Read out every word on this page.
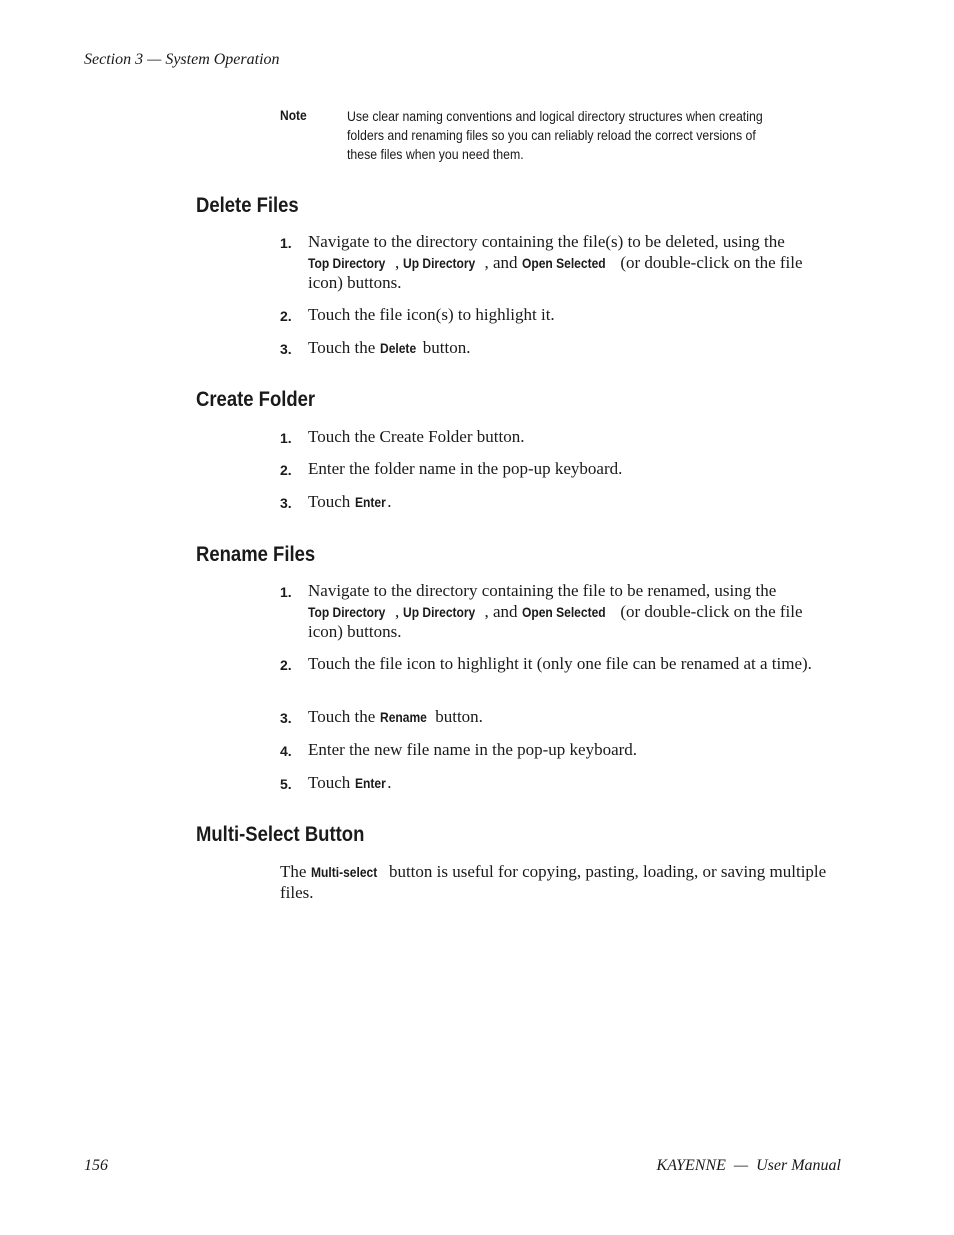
Section 3 — System Operation
Note	Use clear naming conventions and logical directory structures when creating
folders and renaming files so you can reliably reload the correct versions of
these files when you need them.
Delete Files
1. Navigate to the directory containing the file(s) to be deleted, using the
Top Directory , Up Directory , and Open Selected (or double-click on the file icon) buttons.
2. Touch the file icon(s) to highlight it.
3. Touch the Delete button.
Create Folder
1. Touch the Create Folder button.
2. Enter the folder name in the pop-up keyboard.
3. Touch Enter .
Rename Files
1. Navigate to the directory containing the file to be renamed, using the
Top Directory , Up Directory , and Open Selected (or double-click on the file icon) buttons.
2. Touch the file icon to highlight it (only one file can be renamed at a time).
3. Touch the Rename button.
4. Enter the new file name in the pop-up keyboard.
5. Touch Enter .
Multi-Select Button
The Multi-select button is useful for copying, pasting, loading, or saving multiple files.
156	KAYENNE  —  User Manual
